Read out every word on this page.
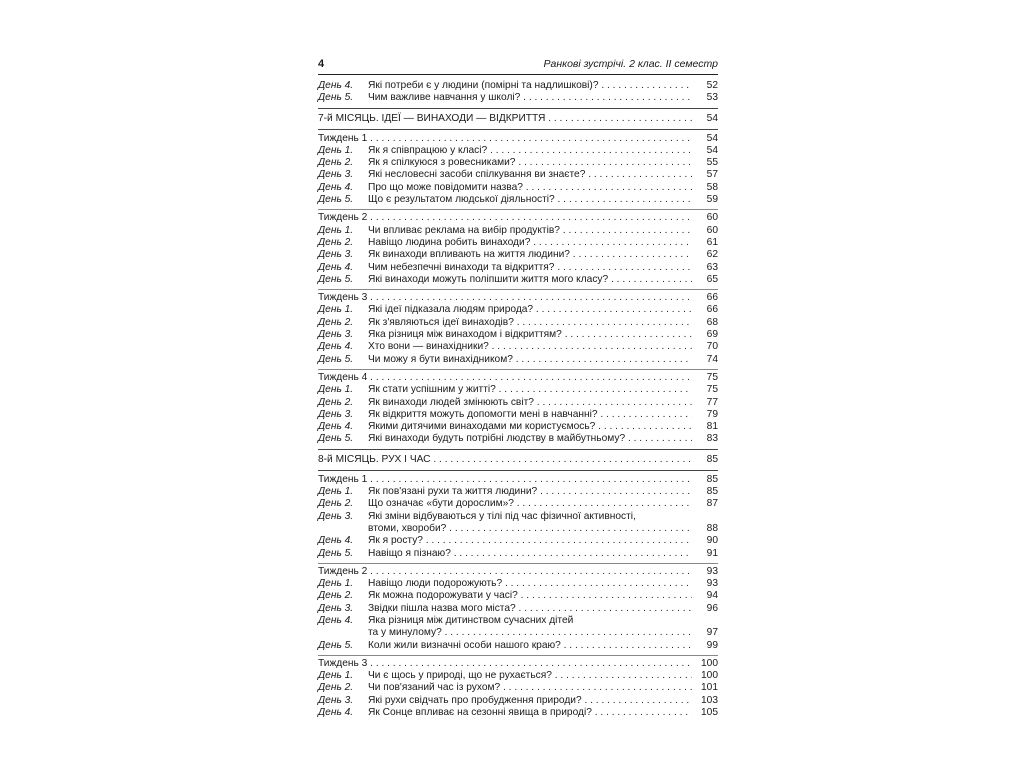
4	Ранкові зустрічі. 2 клас. ІІ семестр
День 4.	Які потреби є у людини (помірні та надлишкові)? . . .	52
День 5.	Чим важливе навчання у школі? . . .	53
7-й МІСЯЦЬ. ІДЕЇ — ВИНАХОДИ — ВІДКРИТТЯ . . .	54
Тиждень 1 . . .	54
День 1.	Як я співпрацюю у класі? . . .	54
День 2.	Як я спілкуюся з ровесниками? . . .	55
День 3.	Які несловесні засоби спілкування ви знаєте? . . .	57
День 4.	Про що може повідомити назва? . . .	58
День 5.	Що є результатом людської діяльності? . . .	59
Тиждень 2 . . .	60
День 1.	Чи впливає реклама на вибір продуктів? . . .	60
День 2.	Навіщо людина робить винаходи? . . .	61
День 3.	Як винаходи впливають на життя людини? . . .	62
День 4.	Чим небезпечні винаходи та відкриття? . . .	63
День 5.	Які винаходи можуть поліпшити життя мого класу? . . .	65
Тиждень 3 . . .	66
День 1.	Які ідеї підказала людям природа? . . .	66
День 2.	Як з'являються ідеї винаходів? . . .	68
День 3.	Яка різниця між винаходом і відкриттям? . . .	69
День 4.	Хто вони — винахідники? . . .	70
День 5.	Чи можу я бути винахідником? . . .	74
Тиждень 4 . . .	75
День 1.	Як стати успішним у житті? . . .	75
День 2.	Як винаходи людей змінюють світ? . . .	77
День 3.	Як відкриття можуть допомогти мені в навчанні? . . .	79
День 4.	Якими дитячими винаходами ми користуємось? . . .	81
День 5.	Які винаходи будуть потрібні людству в майбутньому? . . .	83
8-й МІСЯЦЬ. РУХ І ЧАС . . .	85
Тиждень 1 . . .	85
День 1.	Як пов'язані рухи та життя людини? . . .	85
День 2.	Що означає «бути дорослим»? . . .	87
День 3.	Які зміни відбуваються у тілі під час фізичної активності,
втоми, хвороби? . . .	88
День 4.	Як я росту? . . .	90
День 5.	Навіщо я пізнаю? . . .	91
Тиждень 2 . . .	93
День 1.	Навіщо люди подорожують? . . .	93
День 2.	Як можна подорожувати у часі? . . .	94
День 3.	Звідки пішла назва мого міста? . . .	96
День 4.	Яка різниця між дитинством сучасних дітей
та у минулому? . . .	97
День 5.	Коли жили визначні особи нашого краю? . . .	99
Тиждень 3 . . .	100
День 1.	Чи є щось у природі, що не рухається? . . .	100
День 2.	Чи пов'язаний час із рухом? . . .	101
День 3.	Які рухи свідчать про пробудження природи? . . .	103
День 4.	Як Сонце впливає на сезонні явища в природі? . . .	105
